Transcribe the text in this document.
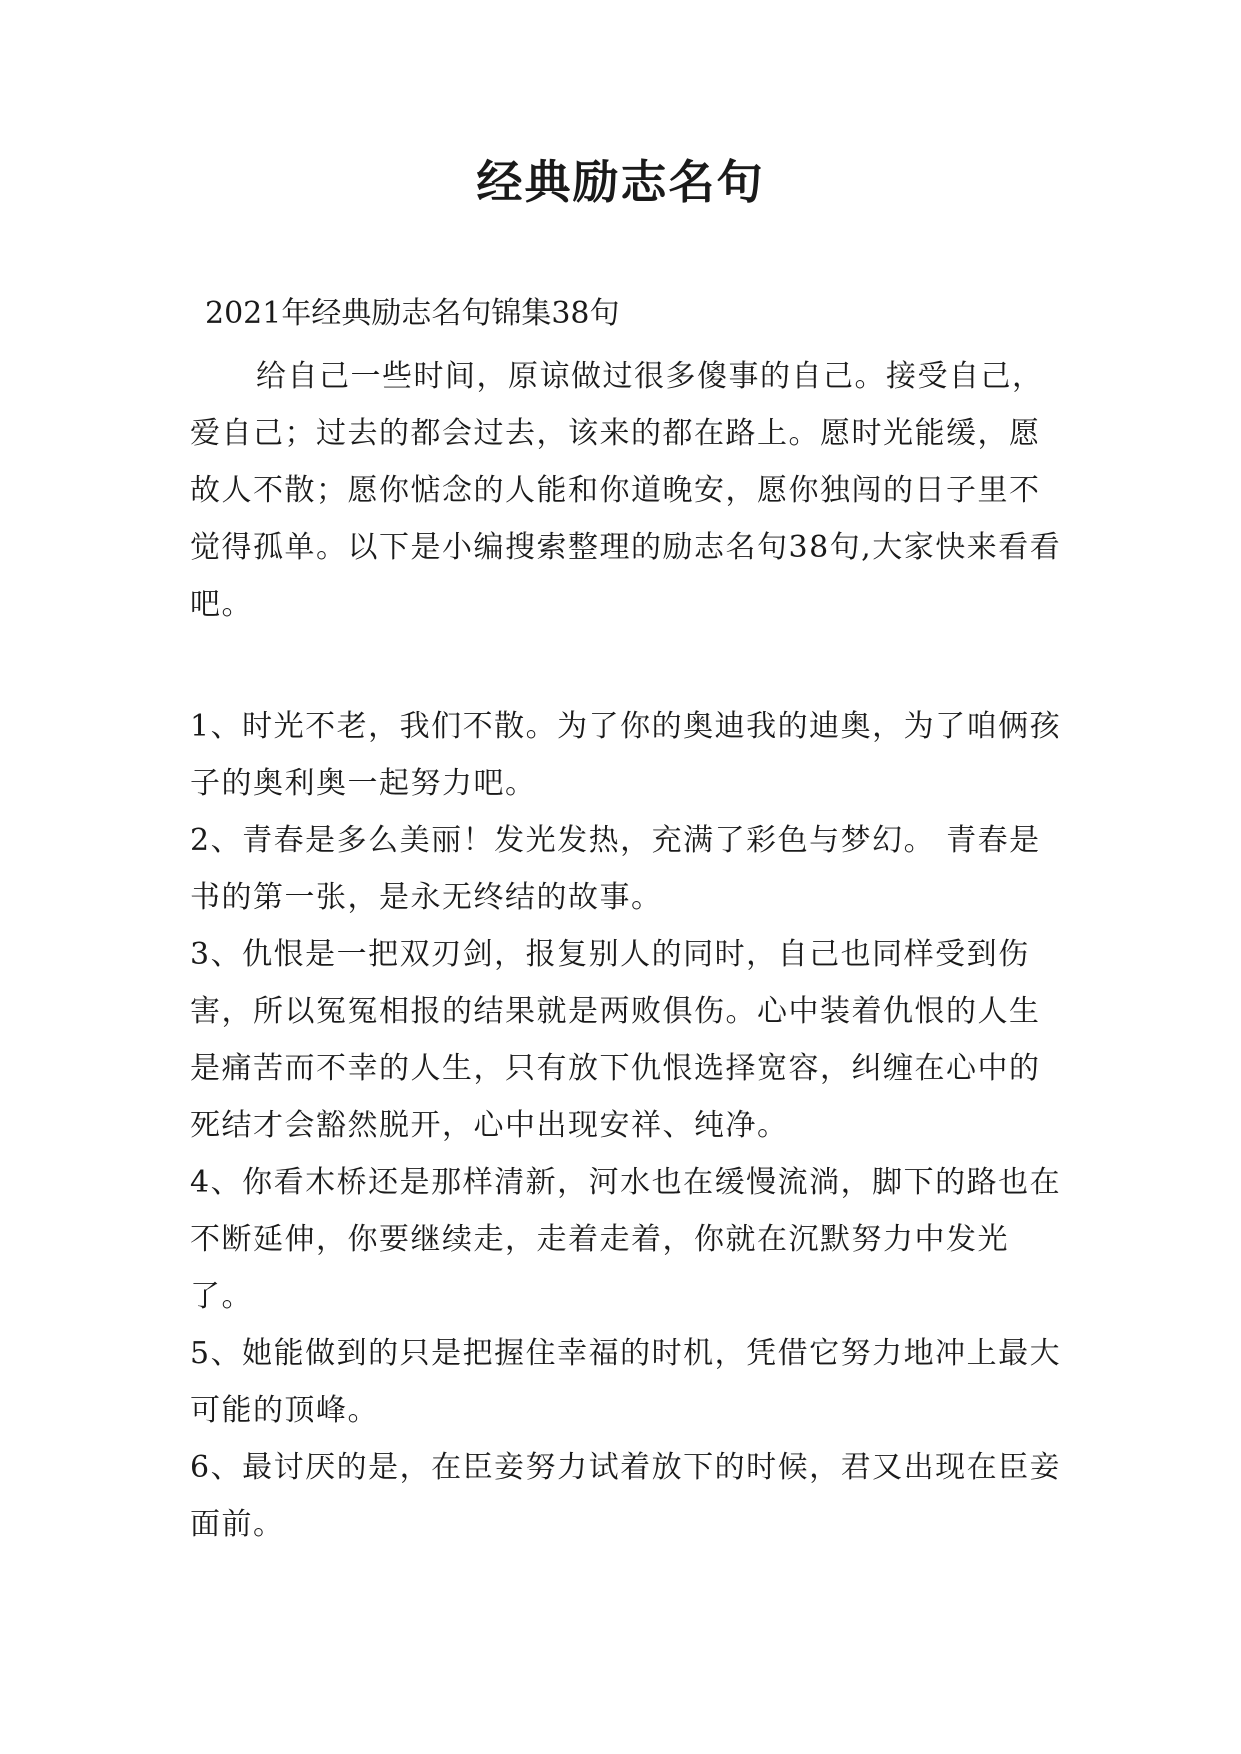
经典励志名句

2021年经典励志名句锦集38句

给自己一些时间，原谅做过很多傻事的自己。接受自己，爱自己；过去的都会过去，该来的都在路上。愿时光能缓，愿故人不散；愿你惦念的人能和你道晚安，愿你独闯的日子里不觉得孤单。以下是小编搜索整理的励志名句38句,大家快来看看吧。

1、时光不老，我们不散。为了你的奥迪我的迪奥，为了咱俩孩子的奥利奥一起努力吧。

2、青春是多么美丽！发光发热，充满了彩色与梦幻。 青春是书的第一张，是永无终结的故事。

3、仇恨是一把双刃剑，报复别人的同时，自己也同样受到伤害，所以冤冤相报的结果就是两败俱伤。心中装着仇恨的人生是痛苦而不幸的人生，只有放下仇恨选择宽容，纠缠在心中的死结才会豁然脱开，心中出现安祥、纯净。

4、你看木桥还是那样清新，河水也在缓慢流淌，脚下的路也在不断延伸，你要继续走，走着走着，你就在沉默努力中发光了。

5、她能做到的只是把握住幸福的时机，凭借它努力地冲上最大可能的顶峰。

6、最讨厌的是，在臣妾努力试着放下的时候，君又出现在臣妾面前。
